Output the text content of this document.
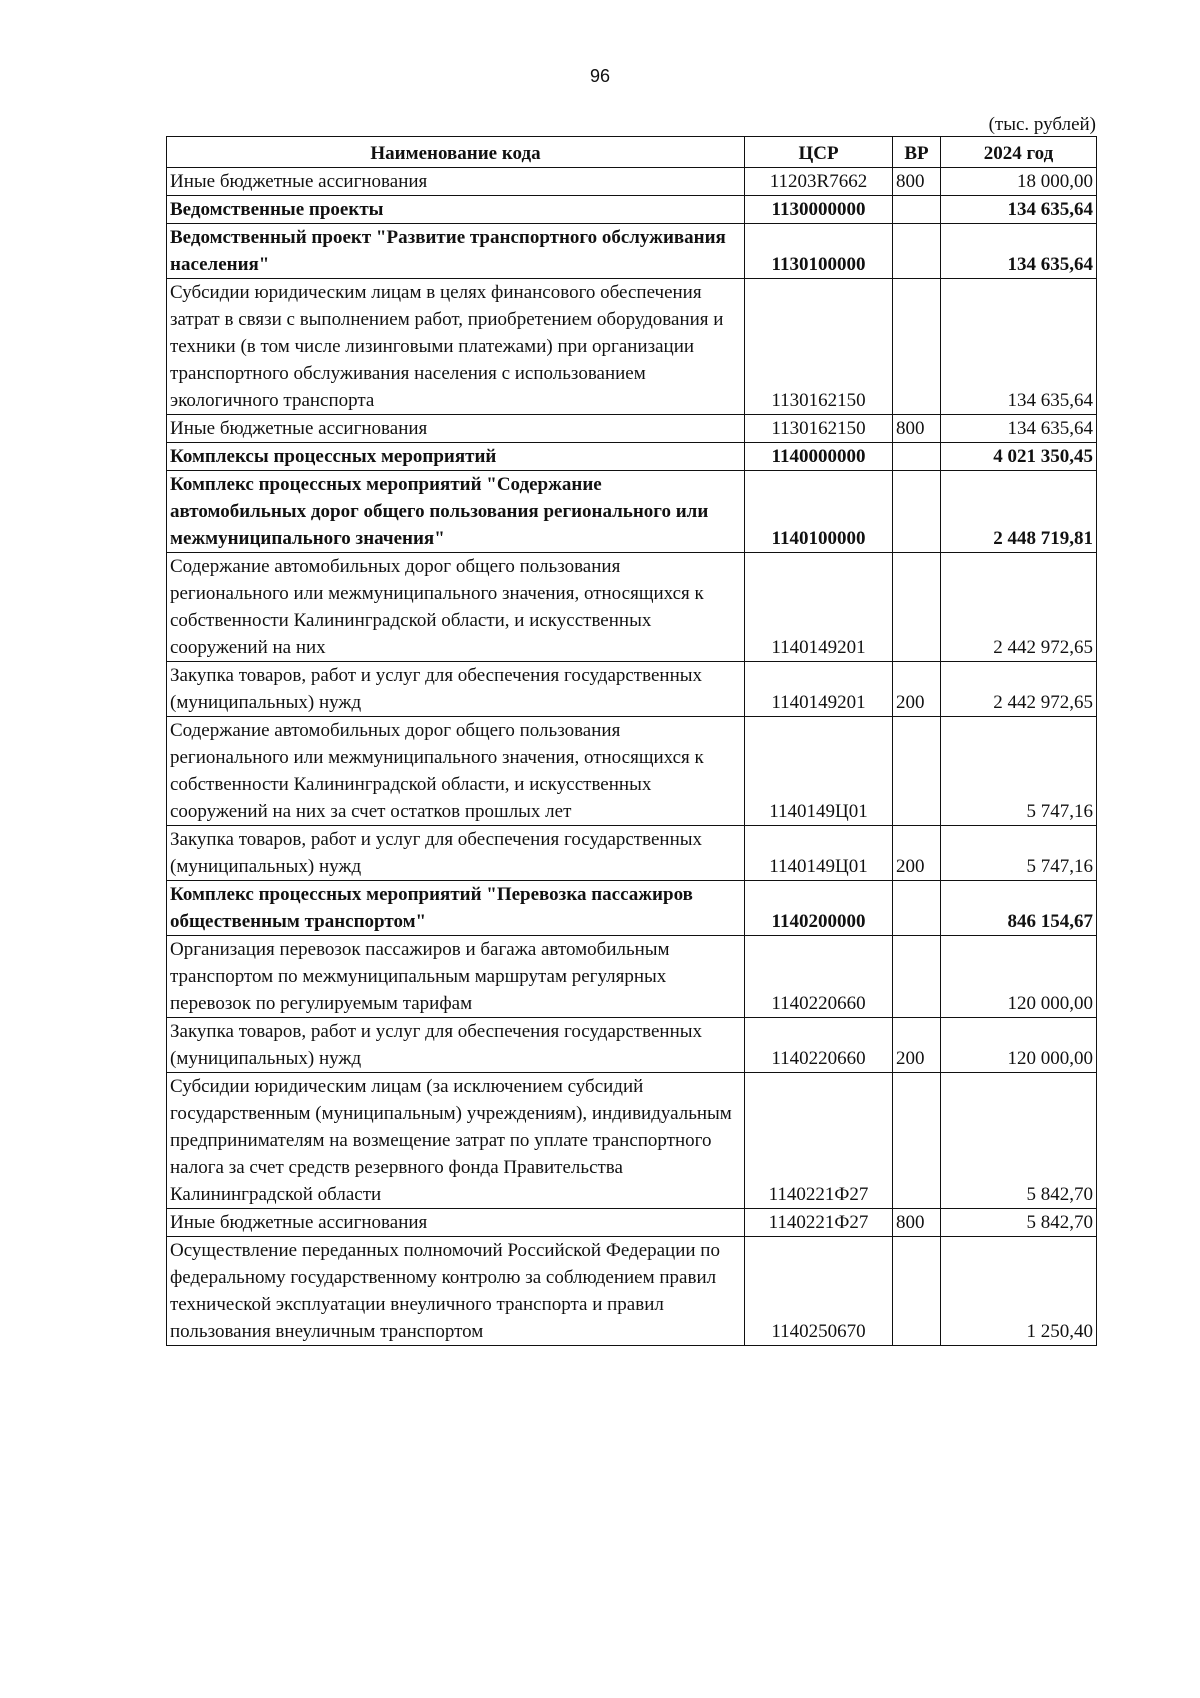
96
(тыс. рублей)
Наименование кода	ЦСР	ВР	2024 год
Иные бюджетные ассигнования	11203R7662	800	18 000,00
Ведомственные проекты	1130000000		134 635,64
Ведомственный проект "Развитие транспортного обслуживания населения"	1130100000		134 635,64
Субсидии юридическим лицам в целях финансового обеспечения затрат в связи с выполнением работ, приобретением оборудования и техники (в том числе лизинговыми платежами) при организации транспортного обслуживания населения с использованием экологичного транспорта	1130162150		134 635,64
Иные бюджетные ассигнования	1130162150	800	134 635,64
Комплексы процессных мероприятий	1140000000		4 021 350,45
Комплекс процессных мероприятий "Содержание автомобильных дорог общего пользования регионального или межмуниципального значения"	1140100000		2 448 719,81
Содержание автомобильных дорог общего пользования регионального или межмуниципального значения, относящихся к собственности Калининградской области, и искусственных сооружений на них	1140149201		2 442 972,65
Закупка товаров, работ и услуг для обеспечения государственных (муниципальных) нужд	1140149201	200	2 442 972,65
Содержание автомобильных дорог общего пользования регионального или межмуниципального значения, относящихся к собственности Калининградской области, и искусственных сооружений на них за счет остатков прошлых лет	1140149Ц01		5 747,16
Закупка товаров, работ и услуг для обеспечения государственных (муниципальных) нужд	1140149Ц01	200	5 747,16
Комплекс процессных мероприятий "Перевозка пассажиров общественным транспортом"	1140200000		846 154,67
Организация перевозок пассажиров и багажа автомобильным транспортом по межмуниципальным маршрутам регулярных перевозок по регулируемым тарифам	1140220660		120 000,00
Закупка товаров, работ и услуг для обеспечения государственных (муниципальных) нужд	1140220660	200	120 000,00
Субсидии юридическим лицам (за исключением субсидий государственным (муниципальным) учреждениям), индивидуальным предпринимателям на возмещение затрат по уплате транспортного налога за счет средств резервного фонда Правительства Калининградской области	1140221Ф27		5 842,70
Иные бюджетные ассигнования	1140221Ф27	800	5 842,70
Осуществление переданных полномочий Российской Федерации по федеральному государственному контролю за соблюдением правил технической эксплуатации внеуличного транспорта и правил пользования внеуличным транспортом	1140250670		1 250,40
